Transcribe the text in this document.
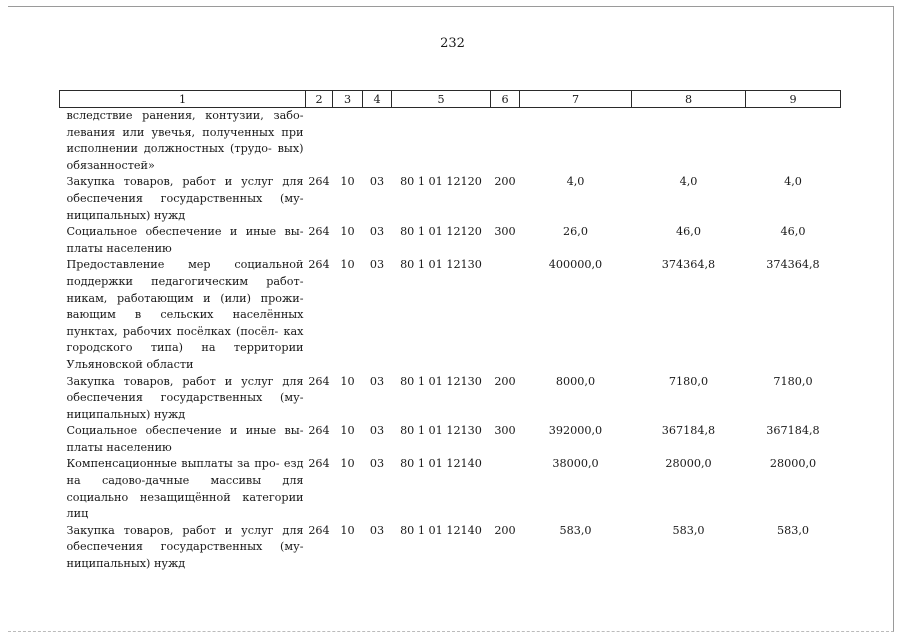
232
1	2	3	4	5	6	7	8	9
вследствие ранения, контузии, забо- левания или увечья, полученных при исполнении должностных (трудо- вых) обязанностей»								
Закупка товаров, работ и услуг для обеспечения государственных (му- ниципальных) нужд	264	10	03	80 1 01 12120	200	4,0	4,0	4,0
Социальное обеспечение и иные вы- платы населению	264	10	03	80 1 01 12120	300	26,0	46,0	46,0
Предоставление мер социальной поддержки педагогическим работ- никам, работающим и (или) прожи- вающим в сельских населённых пунктах, рабочих посёлках (посёл- ках городского типа) на территории Ульяновской области	264	10	03	80 1 01 12130		400000,0	374364,8	374364,8
Закупка товаров, работ и услуг для обеспечения государственных (му- ниципальных) нужд	264	10	03	80 1 01 12130	200	8000,0	7180,0	7180,0
Социальное обеспечение и иные вы- платы населению	264	10	03	80 1 01 12130	300	392000,0	367184,8	367184,8
Компенсационные выплаты за про- езд на садово-дачные массивы для социально незащищённой категории лиц	264	10	03	80 1 01 12140		38000,0	28000,0	28000,0
Закупка товаров, работ и услуг для обеспечения государственных (му- ниципальных) нужд	264	10	03	80 1 01 12140	200	583,0	583,0	583,0
